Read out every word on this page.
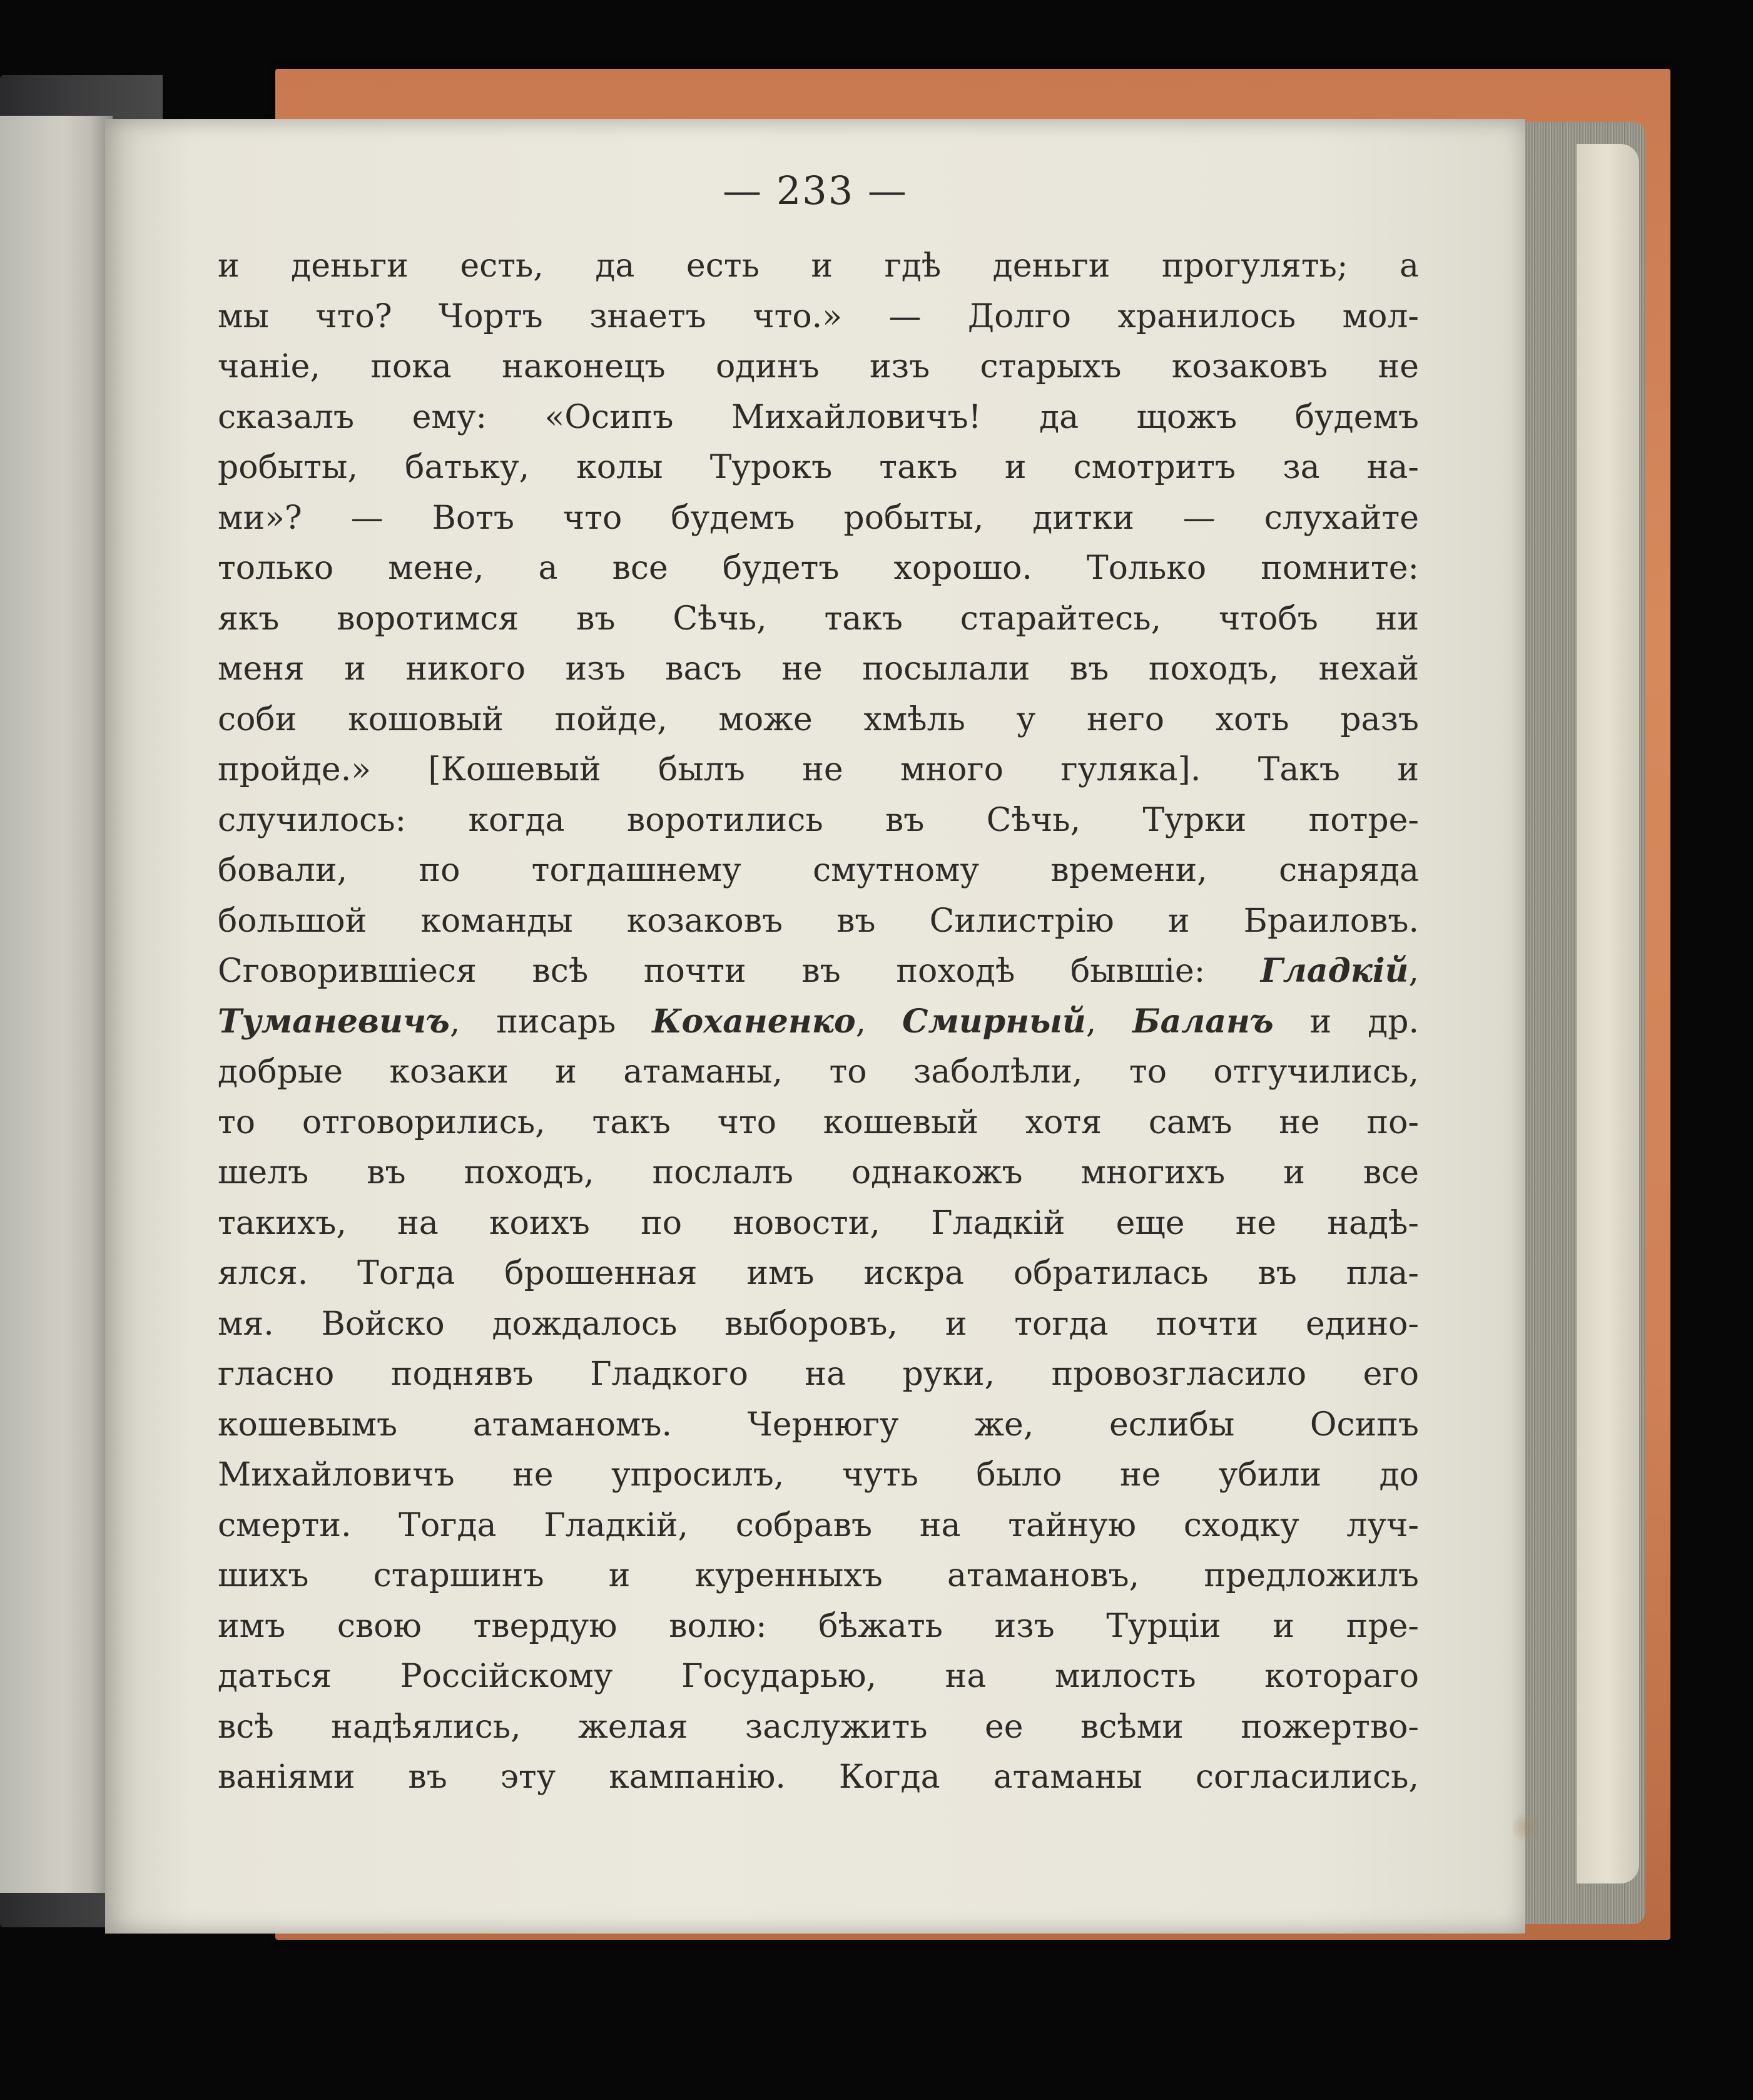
— 233 —
и деньги есть, да есть и гдѣ деньги прогулять; а
мы что? Чортъ знаетъ что.» — Долго хранилось мол-
чаніе, пока наконецъ одинъ изъ старыхъ козаковъ не
сказалъ ему: «Осипъ Михайловичъ! да щожъ будемъ
робыты, батьку, колы Турокъ такъ и смотритъ за на-
ми»? — Вотъ что будемъ робыты, дитки — слухайте
только мене, а все будетъ хорошо. Только помните:
якъ воротимся въ Сѣчь, такъ старайтесь, чтобъ ни
меня и никого изъ васъ не посылали въ походъ, нехай
соби кошовый пойде, може хмѣль у него хоть разъ
пройде.» [Кошевый былъ не много гуляка]. Такъ и
случилось: когда воротились въ Сѣчь, Турки потре-
бовали, по тогдашнему смутному времени, снаряда
большой команды козаковъ въ Силистрію и Браиловъ.
Сговорившіеся всѣ почти въ походѣ бывшіе: Гладкій,
Туманевичъ, писарь Коханенко, Смирный, Баланъ и др.
добрые козаки и атаманы, то заболѣли, то отгучились,
то отговорились, такъ что кошевый хотя самъ не по-
шелъ въ походъ, послалъ однакожъ многихъ и все
такихъ, на коихъ по новости, Гладкій еще не надѣ-
ялся. Тогда брошенная имъ искра обратилась въ пла-
мя. Войско дождалось выборовъ, и тогда почти едино-
гласно поднявъ Гладкого на руки, провозгласило его
кошевымъ атаманомъ. Чернюгу же, еслибы Осипъ
Михайловичъ не упросилъ, чуть было не убили до
смерти. Тогда Гладкій, собравъ на тайную сходку луч-
шихъ старшинъ и куренныхъ атамановъ, предложилъ
имъ свою твердую волю: бѣжать изъ Турціи и пре-
даться Россійскому Государью, на милость котораго
всѣ надѣялись, желая заслужить ее всѣми пожертво-
ваніями въ эту кампанію. Когда атаманы согласились,
